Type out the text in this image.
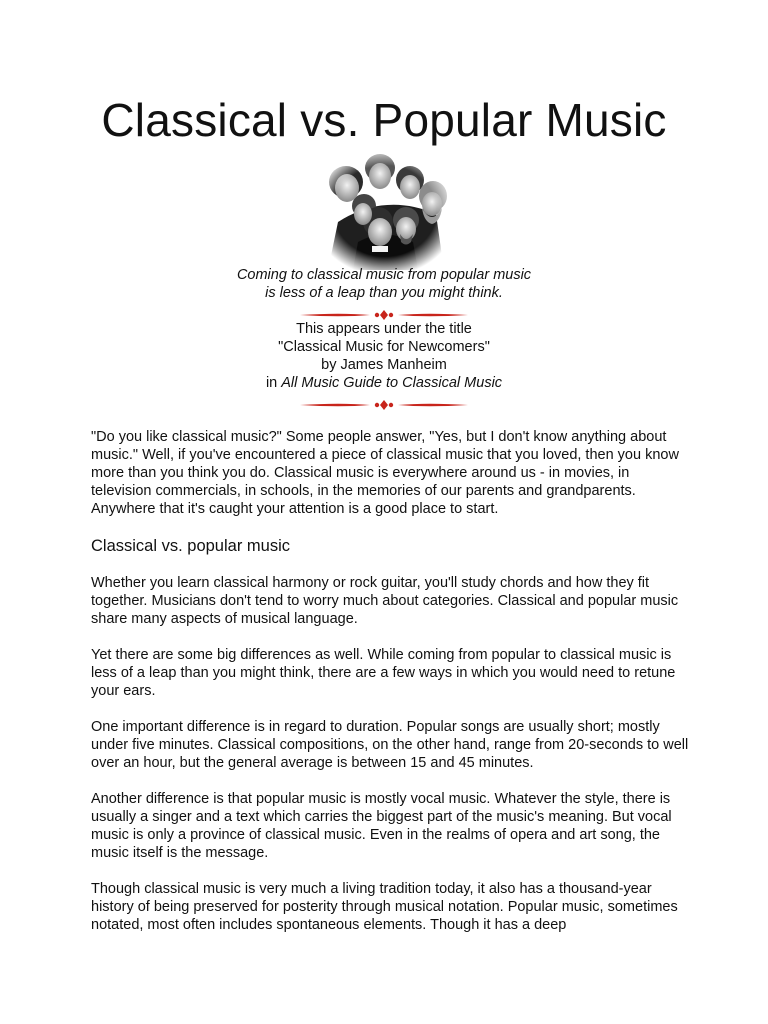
Classical vs. Popular Music
Coming to classical music from popular music
is less of a leap than you might think.
This appears under the title
"Classical Music for Newcomers"
by James Manheim
in All Music Guide to Classical Music

"Do you like classical music?" Some people answer, "Yes, but I don't know anything about music." Well, if you've encountered a piece of classical music that you loved, then you know more than you think you do. Classical music is everywhere around us - in movies, in television commercials, in schools, in the memories of our parents and grandparents. Anywhere that it's caught your attention is a good place to start.

Classical vs. popular music

Whether you learn classical harmony or rock guitar, you'll study chords and how they fit together. Musicians don't tend to worry much about categories. Classical and popular music share many aspects of musical language.

Yet there are some big differences as well. While coming from popular to classical music is less of a leap than you might think, there are a few ways in which you would need to retune your ears.

One important difference is in regard to duration. Popular songs are usually short; mostly under five minutes. Classical compositions, on the other hand, range from 20-seconds to well over an hour, but the general average is between 15 and 45 minutes.

Another difference is that popular music is mostly vocal music. Whatever the style, there is usually a singer and a text which carries the biggest part of the music's meaning. But vocal music is only a province of classical music. Even in the realms of opera and art song, the music itself is the message.

Though classical music is very much a living tradition today, it also has a thousand-year history of being preserved for posterity through musical notation. Popular music, sometimes notated, most often includes spontaneous elements. Though it has a deep
